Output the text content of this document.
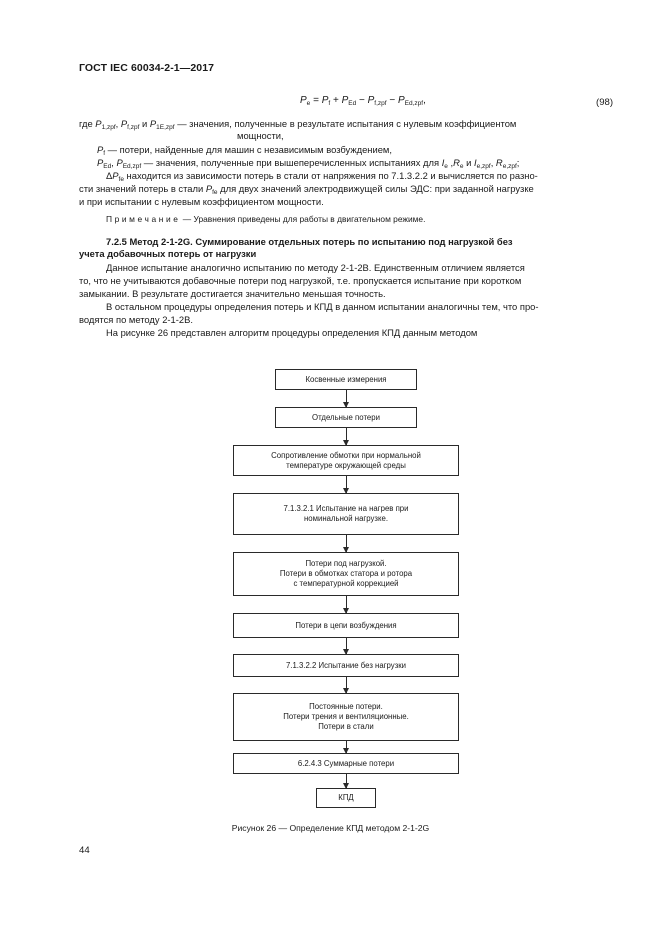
ГОСТ IEC 60034-2-1—2017
$P_e = P_f + P_{Ed} - P_{f,zpf} - P_{Ed,zpf}$,	(98)
где $P_{1,zpf}$, $P_{f,zpf}$ и $P_{1E,zpf}$ — значения, полученные в результате испытания с нулевым коэффициентом
мощности,
$P_f$ — потери, найденные для машин с независимым возбуждением,
$P_{Ed}$, $P_{Ed,zpf}$ — значения, полученные при вышеперечисленных испытаниях для $I_e$ $,R_e$ и $I_{e,zpf}$, $R_{e,zpf}$;
$\Delta P_{fe}$ находится из зависимости потерь в стали от напряжения по 7.1.3.2.2 и вычисляется по разно-
сти значений потерь в стали $P_{fe}$ для двух значений электродвижущей силы ЭДС: при заданной нагрузке
и при испытании с нулевым коэффициентом мощности.
Примечание — Уравнения приведены для работы в двигательном режиме.
7.2.5 Метод 2-1-2G. Суммирование отдельных потерь по испытанию под нагрузкой без
учета добавочных потерь от нагрузки
Данное испытание аналогично испытанию по методу 2-1-2B. Единственным отличием является
то, что не учитываются добавочные потери под нагрузкой, т.е. пропускается испытание при коротком
замыкании. В результате достигается значительно меньшая точность.
В остальном процедуры определения потерь и КПД в данном испытании аналогичны тем, что про-
водятся по методу 2-1-2B.
На рисунке 26 представлен алгоритм процедуры определения КПД данным методом
Косвенные измерения
Отдельные потери
Сопротивление обмотки при нормальной
температуре окружающей среды
7.1.3.2.1 Испытание на нагрев при
номинальной нагрузке.
Потери под нагрузкой.
Потери в обмотках статора и ротора
с температурной коррекцией
Потери в цепи возбуждения
7.1.3.2.2 Испытание без нагрузки
Постоянные потери.
Потери трения и вентиляционные.
Потери в стали
6.2.4.3 Суммарные потери
КПД
Рисунок 26 — Определение КПД методом 2-1-2G
44
